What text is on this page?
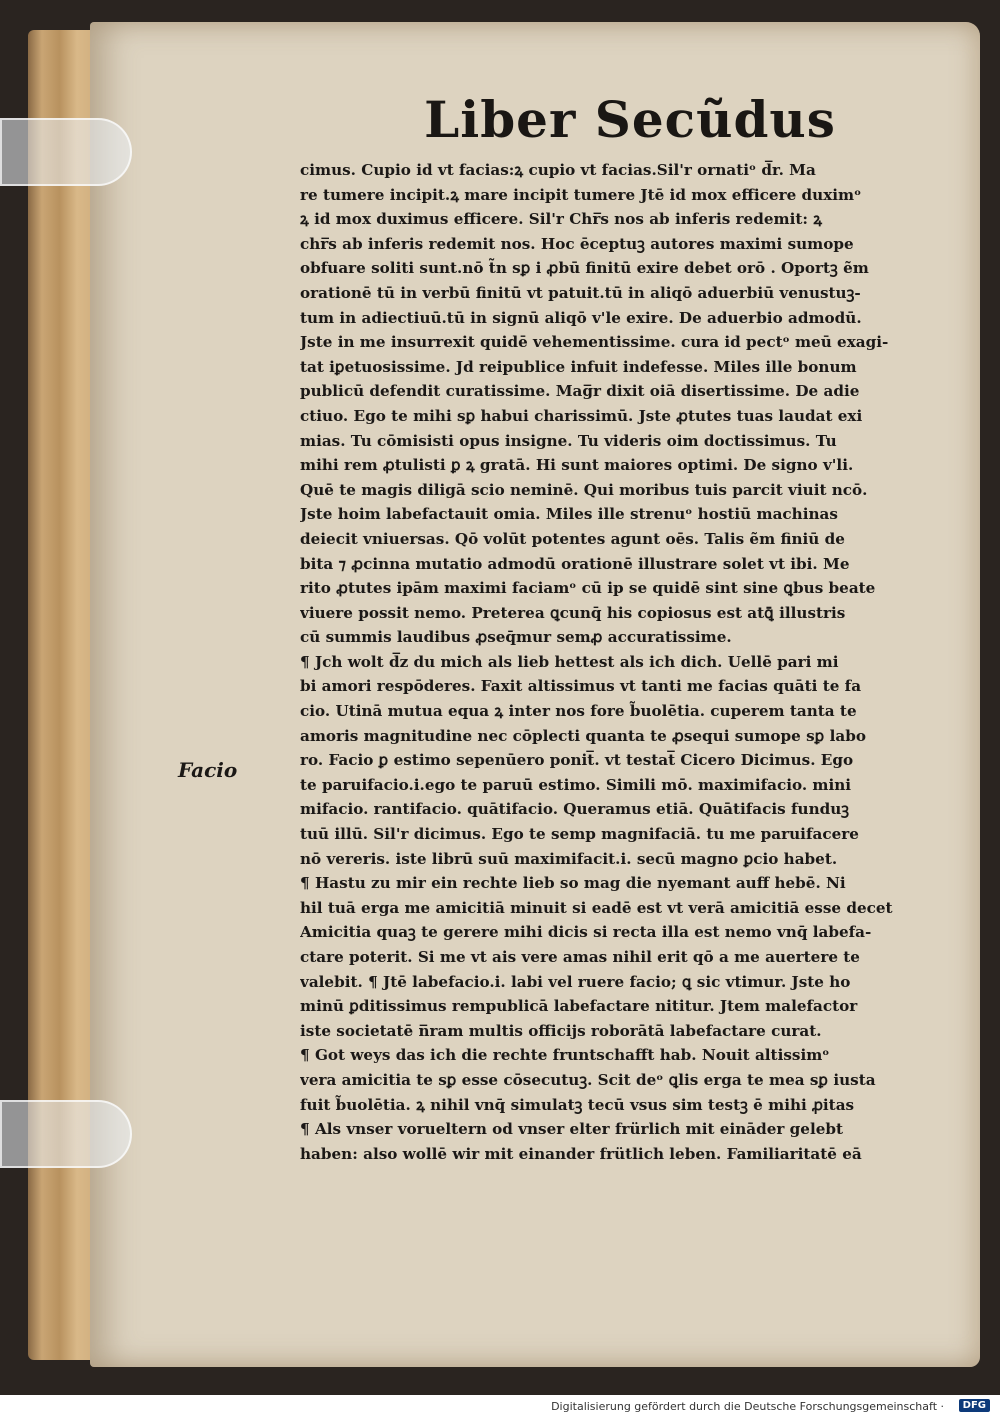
Liber Secũdus
Facio
cimus. Cupio id vt facias:ꝝ cupio vt facias.Sil'r ornatiᵒ d̅r. Ma
re tumere incipit.ꝝ mare incipit tumere Jtē id mox efficere duximᵒ
ꝝ id mox duximus efficere. Sil'r Chr̅s nos ab inferis redemit: ꝝ
chr̅s ab inferis redemit nos. Hoc ēceptuꝫ autores maximi sumope
obfuare soliti sunt.nō t̃n sꝑ i ꝓbū finitū exire debet orō . Oportꝫ ẽm
orationē tū in verbū finitū vt patuit.tū in aliqō aduerbiū venustuꝫ-
tum in adiectiuū.tū in signū aliqō v'le exire. De aduerbio admodū.
Jste in me insurrexit quidē vehementissime. cura id pectᵒ meū exagi-
tat iꝑetuosissime. Jd reipublice infuit indefesse. Miles ille bonum
publicū defendit curatissime. Mag̅r dixit oiā disertissime. De adie
ctiuo. Ego te mihi sꝑ habui charissimū. Jste ꝓtutes tuas laudat exi
mias. Tu cōmisisti opus insigne. Tu videris oim doctissimus. Tu
mihi rem ꝓtulisti ꝑ ꝝ gratā. Hi sunt maiores optimi. De signo v'li.
Quē te magis diligā scio neminē. Qui moribus tuis parcit viuit ncō.
Jste hoim labefactauit omia. Miles ille strenuᵒ hostiū machinas
deiecit vniuersas. Qō volūt potentes agunt oēs. Talis ẽm finiū de
bita ⁊ ꝓcinna mutatio admodū orationē illustrare solet vt ibi. Me
rito ꝓtutes ipām maximi faciamᵒ cū ip se quidē sint sine ꝗbus beate
viuere possit nemo. Preterea ꝗcunq̄ his copiosus est atꝗ̄ illustris
cū summis laudibus ꝓseq̄mur semꝓ accuratissime.
¶ Jch wolt d̅z du mich als lieb hettest als ich dich. Uellē pari mi
bi amori respōderes. Faxit altissimus vt tanti me facias quāti te fa
cio. Utinā mutua equa ꝝ inter nos fore b̃uolētia. cuperem tanta te
amoris magnitudine nec cōplecti quanta te ꝓsequi sumope sꝑ labo
ro. Facio ꝑ estimo sepenūero ponit̅. vt testat̅ Cicero Dicimus. Ego
te paruifacio.i.ego te paruū estimo. Simili mō. maximifacio. mini
mifacio. rantifacio. quātifacio. Queramus etiā. Quātifacis funduꝫ
tuū illū. Sil'r dicimus. Ego te semp magnifaciā. tu me paruifacere
nō vereris. iste librū suū maximifacit.i. secū magno ꝑcio habet.
¶ Hastu zu mir ein rechte lieb so mag die nyemant auff hebē. Ni
hil tuā erga me amicitiā minuit si eadē est vt verā amicitiā esse decet
Amicitia quaꝫ te gerere mihi dicis si recta illa est nemo vnq̄ labefa-
ctare poterit. Si me vt ais vere amas nihil erit qō a me auertere te
valebit. ¶ Jtē labefacio.i. labi vel ruere facio; ꝗ sic vtimur. Jste ho
minū ꝑditissimus rempublicā labefactare nititur. Jtem malefactor
iste societatē n̅ram multis officijs roborātā labefactare curat.
¶ Got weys das ich die rechte fruntschafft hab. Nouit altissimᵒ
vera amicitia te sꝑ esse cōsecutuꝫ. Scit deᵒ ꝗlis erga te mea sꝑ iusta
fuit b̃uolētia. ꝝ nihil vnq̄ simulatꝫ tecū vsus sim testꝫ ē mihi ꝓitas
¶ Als vnser vorueltern od vnser elter frürlich mit eināder gelebt
haben: also wollē wir mit einander frütlich leben. Familiaritatē eā
Digitalisierung gefördert durch die Deutsche Forschungsgemeinschaft ·	DFG
